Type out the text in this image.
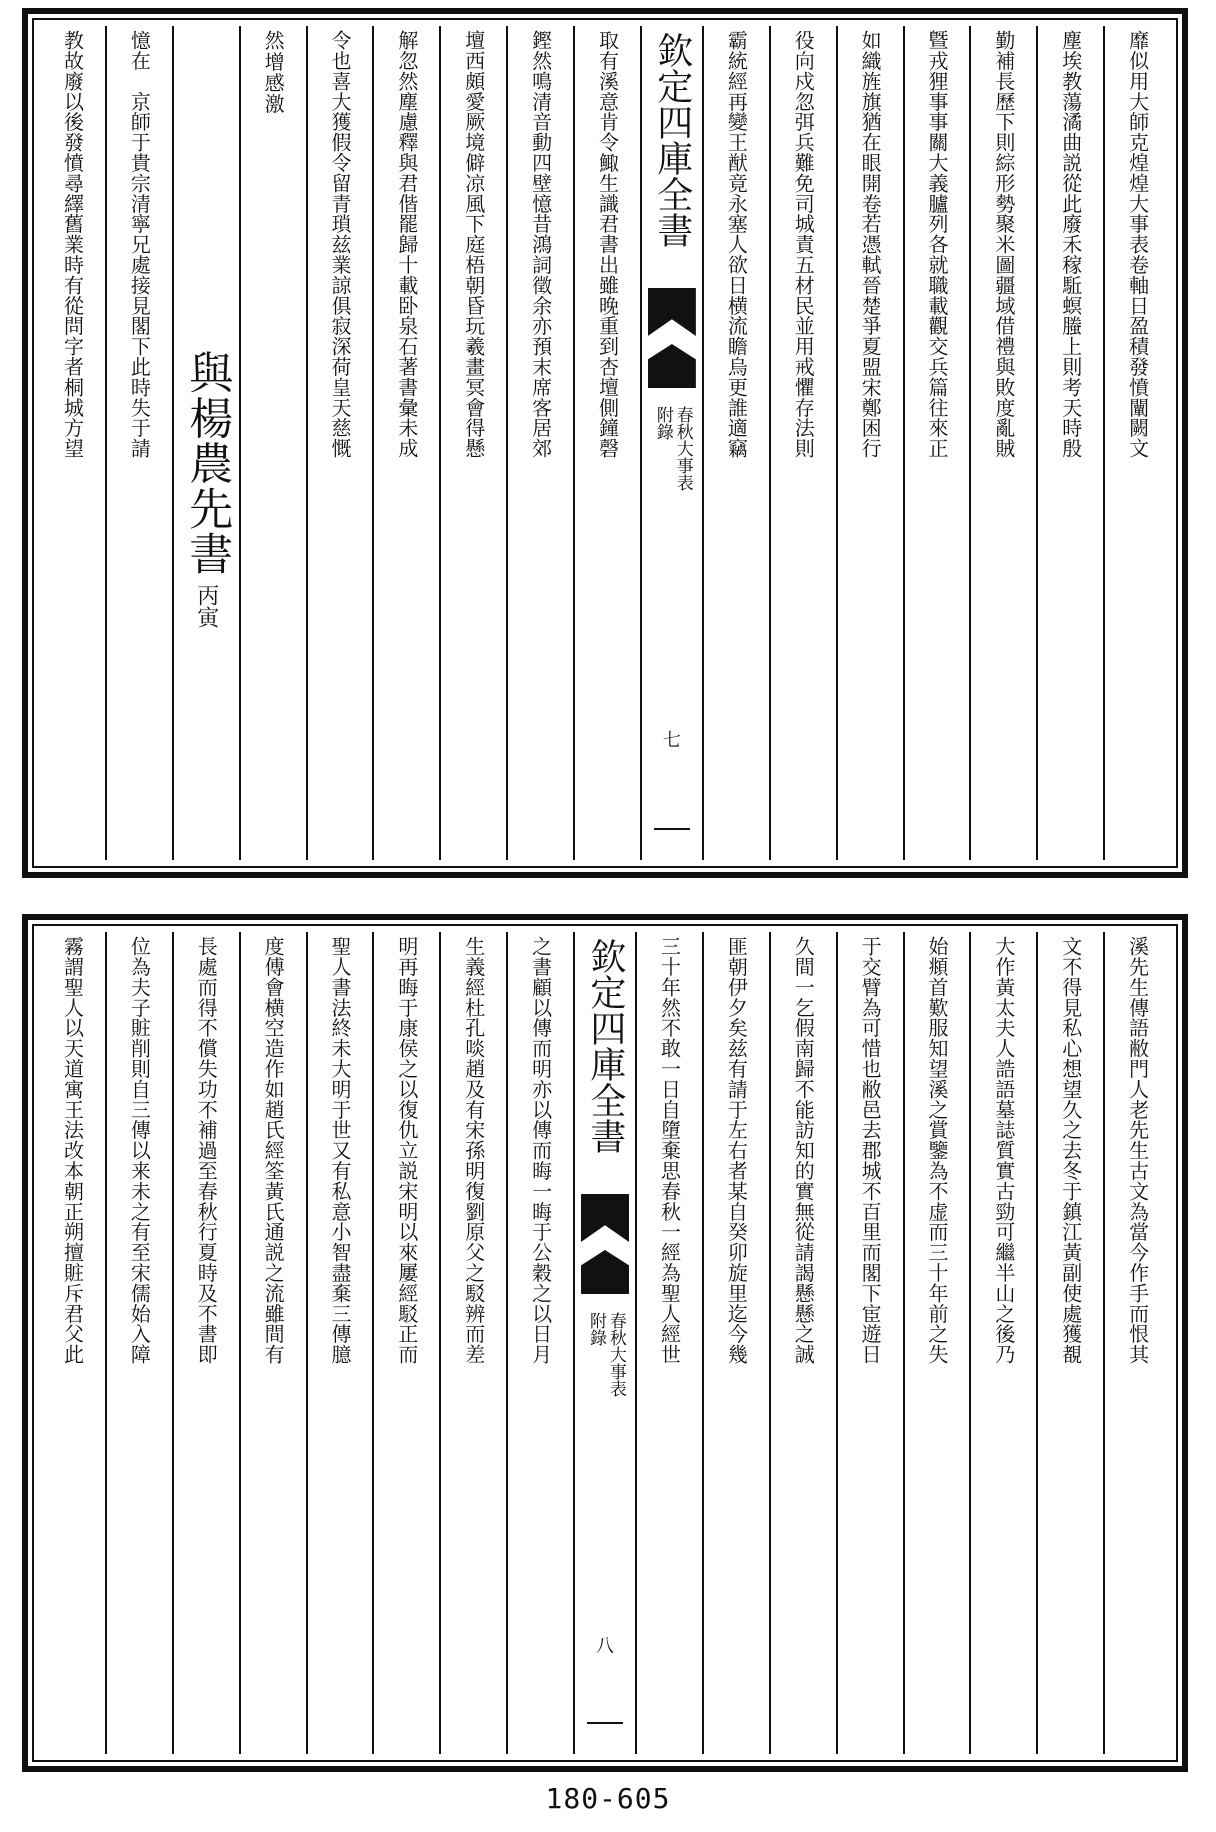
靡似用大師克煌煌大事表卷軸日盈積發憤闡闕文
塵埃教蕩潏曲説從此廢禾稼駈螟螣上則考天時殷
勤補長歷下則綜形勢聚米圖疆域借禮與敗度亂賊
曁戎狸事事關大義臚列各就職載觀交兵篇往來正
如織旌旗猶在眼開卷若憑軾晉楚爭夏盟宋鄭困行
役向戍忽弭兵難免司城責五材民並用戒懼存法則
霸統經再變王猷竟永塞人欲日横流瞻烏更誰適竊
欽定四庫全書
春秋大事表
附錄
七
取有溪意肯令鯫生識君書出雖晚重到杏壇側鐘磬
鏗然鳴清音動四壁憶昔鴻詞徵余亦預末席客居郊
壇西頗愛厥境僻凉風下庭梧朝昏玩羲畫冥會得懸
解忽然塵慮釋與君偕罷歸十載卧泉石著書彙未成
令也喜大獲假令留青瑣兹業諒俱寂深荷皇天慈慨
然增感激
與楊農先書
丙寅
憶在　京師于貴宗清寧兄處接見閣下此時失于請
教故廢以後發憤尋繹舊業時有從問字者桐城方望
溪先生傳語敝門人老先生古文為當今作手而恨其
文不得見私心想望久之去冬于鎮江黃副使處獲覩
大作黃太夫人誥語墓誌質實古勁可繼半山之後乃
始頫首歎服知望溪之賞鑒為不虚而三十年前之失
于交臂為可惜也敝邑去郡城不百里而閣下宦遊日
久間一乞假南歸不能訪知的實無從請謁懸懸之誠
匪朝伊夕矣兹有請于左右者某自癸卯旋里迄今幾
三十年然不敢一日自墮棄思春秋一經為聖人經世
欽定四庫全書
春秋大事表
附錄
八
之書顧以傳而明亦以傳而晦一晦于公穀之以日月
生義經杜孔啖趙及有宋孫明復劉原父之駁辨而差
明再晦于康侯之以復仇立説宋明以來屢經駁正而
聖人書法終未大明于世又有私意小智盡棄三傳臆
度傅會横空造作如趙氏經筌黃氏通説之流雖間有
長處而得不償失功不補過至春秋行夏時及不書即
位為夫子賍削則自三傳以来未之有至宋儒始入障
霧謂聖人以天道寓王法改本朝正朔擅賍斥君父此
180-605
